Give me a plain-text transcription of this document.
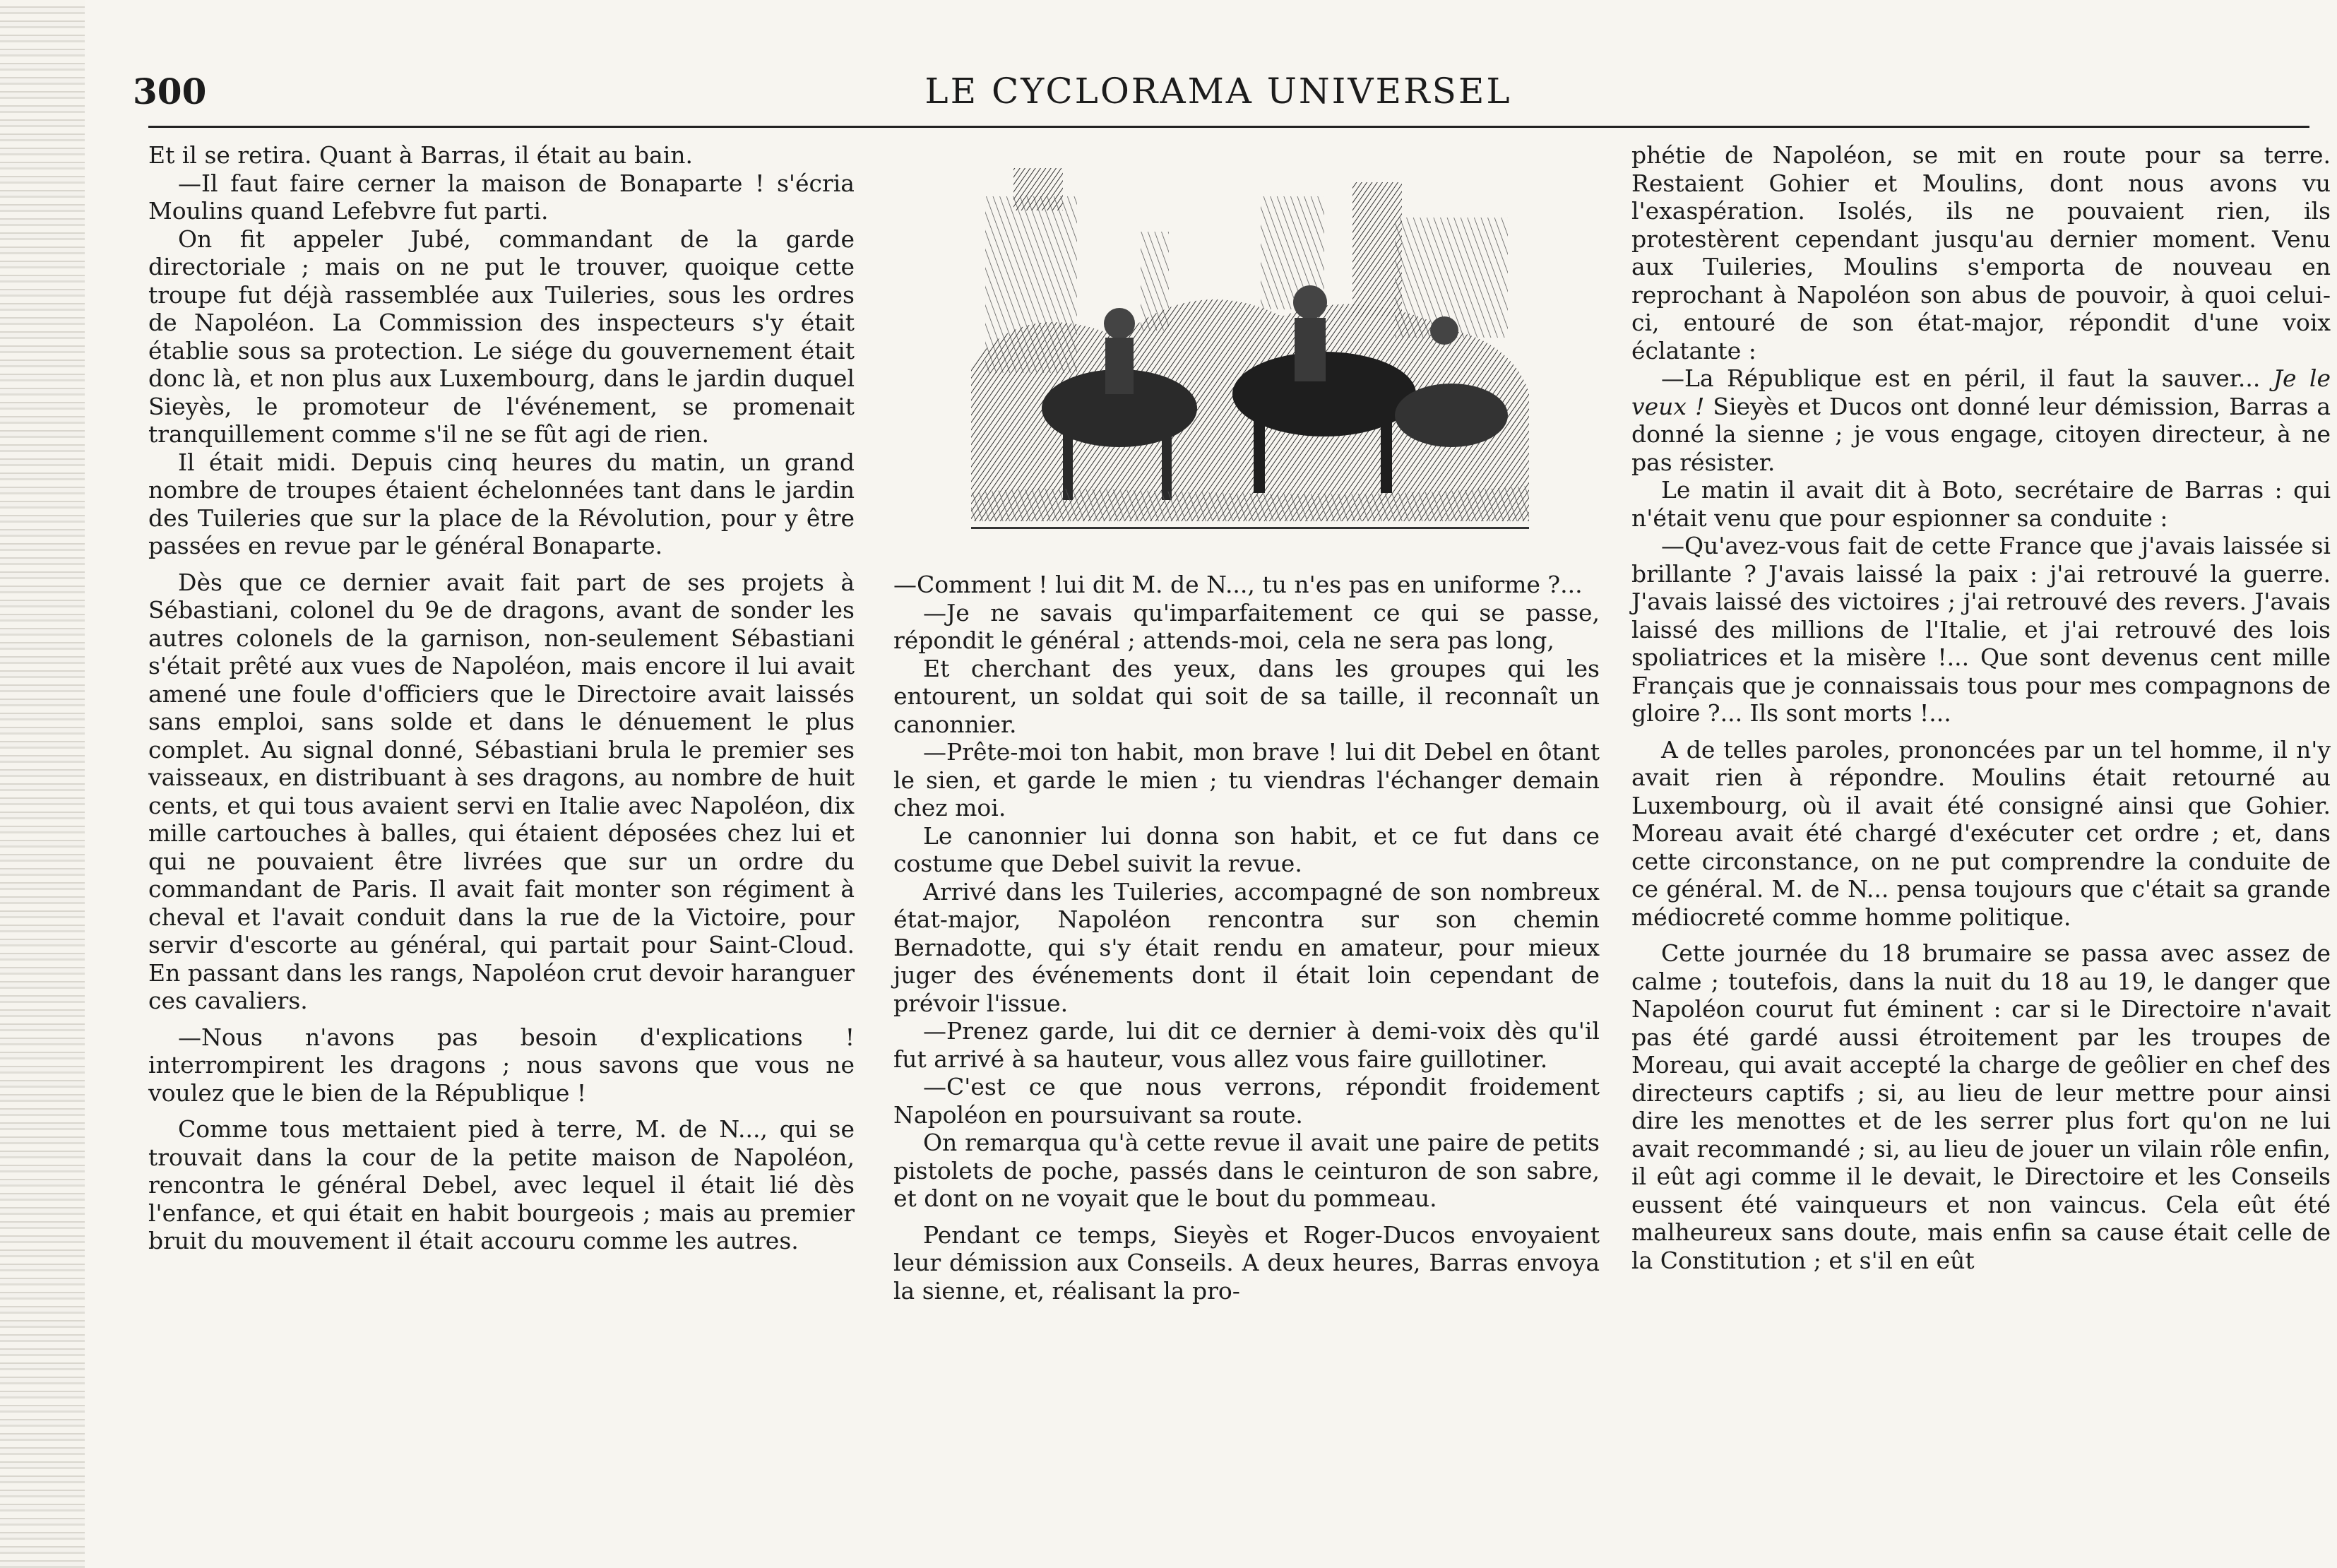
300	LE CYCLORAMA UNIVERSEL

Et il se retira. Quant à Barras, il était au bain.

—Il faut faire cerner la maison de Bonaparte ! s'écria Moulins quand Lefebvre fut parti.

On fit appeler Jubé, commandant de la garde directoriale ; mais on ne put le trouver, quoique cette troupe fut déjà rassemblée aux Tuileries, sous les ordres de Napoléon. La Commission des inspecteurs s'y était établie sous sa protection. Le siége du gouvernement était donc là, et non plus aux Luxembourg, dans le jardin duquel Sieyès, le promoteur de l'événement, se promenait tranquillement comme s'il ne se fût agi de rien.

Il était midi. Depuis cinq heures du matin, un grand nombre de troupes étaient échelonnées tant dans le jardin des Tuileries que sur la place de la Révolution, pour y être passées en revue par le général Bonaparte.

Dès que ce dernier avait fait part de ses projets à Sébastiani, colonel du 9e de dragons, avant de sonder les autres colonels de la garnison, non-seulement Sébastiani s'était prêté aux vues de Napoléon, mais encore il lui avait amené une foule d'officiers que le Directoire avait laissés sans emploi, sans solde et dans le dénuement le plus complet. Au signal donné, Sébastiani brula le premier ses vaisseaux, en distribuant à ses dragons, au nombre de huit cents, et qui tous avaient servi en Italie avec Napoléon, dix mille cartouches à balles, qui étaient déposées chez lui et qui ne pouvaient être livrées que sur un ordre du commandant de Paris. Il avait fait monter son régiment à cheval et l'avait conduit dans la rue de la Victoire, pour servir d'escorte au général, qui partait pour Saint-Cloud. En passant dans les rangs, Napoléon crut devoir haranguer ces cavaliers.

—Nous n'avons pas besoin d'explications ! interrompirent les dragons ; nous savons que vous ne voulez que le bien de la République !

Comme tous mettaient pied à terre, M. de N..., qui se trouvait dans la cour de la petite maison de Napoléon, rencontra le général Debel, avec lequel il était lié dès l'enfance, et qui était en habit bourgeois ; mais au premier bruit du mouvement il était accouru comme les autres.

—Comment ! lui dit M. de N..., tu n'es pas en uniforme ?...

—Je ne savais qu'imparfaitement ce qui se passe, répondit le général ; attends-moi, cela ne sera pas long,

Et cherchant des yeux, dans les groupes qui les entourent, un soldat qui soit de sa taille, il reconnaît un canonnier.

—Prête-moi ton habit, mon brave ! lui dit Debel en ôtant le sien, et garde le mien ; tu viendras l'échanger demain chez moi.

Le canonnier lui donna son habit, et ce fut dans ce costume que Debel suivit la revue.

Arrivé dans les Tuileries, accompagné de son nombreux état-major, Napoléon rencontra sur son chemin Bernadotte, qui s'y était rendu en amateur, pour mieux juger des événements dont il était loin cependant de prévoir l'issue.

—Prenez garde, lui dit ce dernier à demi-voix dès qu'il fut arrivé à sa hauteur, vous allez vous faire guillotiner.

—C'est ce que nous verrons, répondit froidement Napoléon en poursuivant sa route.

On remarqua qu'à cette revue il avait une paire de petits pistolets de poche, passés dans le ceinturon de son sabre, et dont on ne voyait que le bout du pommeau.

Pendant ce temps, Sieyès et Roger-Ducos envoyaient leur démission aux Conseils. A deux heures, Barras envoya la sienne, et, réalisant la pro-

phétie de Napoléon, se mit en route pour sa terre. Restaient Gohier et Moulins, dont nous avons vu l'exaspération. Isolés, ils ne pouvaient rien, ils protestèrent cependant jusqu'au dernier moment. Venu aux Tuileries, Moulins s'emporta de nouveau en reprochant à Napoléon son abus de pouvoir, à quoi celui-ci, entouré de son état-major, répondit d'une voix éclatante :

—La République est en péril, il faut la sauver... Je le veux ! Sieyès et Ducos ont donné leur démission, Barras a donné la sienne ; je vous engage, citoyen directeur, à ne pas résister.

Le matin il avait dit à Boto, secrétaire de Barras : qui n'était venu que pour espionner sa conduite :

—Qu'avez-vous fait de cette France que j'avais laissée si brillante ? J'avais laissé la paix : j'ai retrouvé la guerre. J'avais laissé des victoires ; j'ai retrouvé des revers. J'avais laissé des millions de l'Italie, et j'ai retrouvé des lois spoliatrices et la misère !... Que sont devenus cent mille Français que je connaissais tous pour mes compagnons de gloire ?... Ils sont morts !...

A de telles paroles, prononcées par un tel homme, il n'y avait rien à répondre. Moulins était retourné au Luxembourg, où il avait été consigné ainsi que Gohier. Moreau avait été chargé d'exécuter cet ordre ; et, dans cette circonstance, on ne put comprendre la conduite de ce général. M. de N... pensa toujours que c'était sa grande médiocreté comme homme politique.

Cette journée du 18 brumaire se passa avec assez de calme ; toutefois, dans la nuit du 18 au 19, le danger que Napoléon courut fut éminent : car si le Directoire n'avait pas été gardé aussi étroitement par les troupes de Moreau, qui avait accepté la charge de geôlier en chef des directeurs captifs ; si, au lieu de leur mettre pour ainsi dire les menottes et de les serrer plus fort qu'on ne lui avait recommandé ; si, au lieu de jouer un vilain rôle enfin, il eût agi comme il le devait, le Directoire et les Conseils eussent été vainqueurs et non vaincus. Cela eût été malheureux sans doute, mais enfin sa cause était celle de la Constitution ; et s'il en eût
